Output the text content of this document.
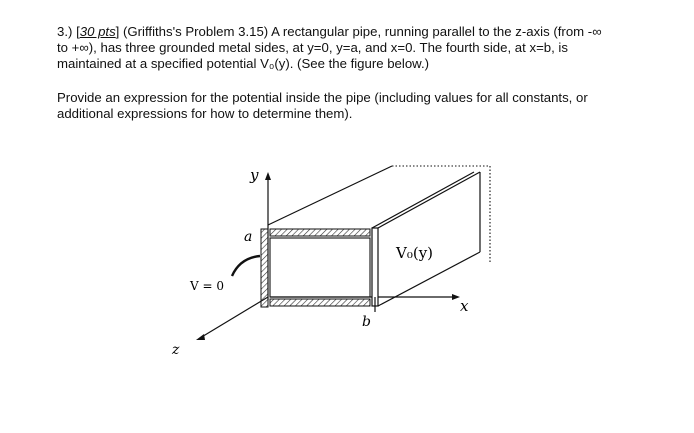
3.) [30 pts] (Griffiths's Problem 3.15) A rectangular pipe, running parallel to the z-axis (from -∞
to +∞), has three grounded metal sides, at y=0, y=a, and x=0. The fourth side, at x=b, is
maintained at a specified potential V₀(y). (See the figure below.)

Provide an expression for the potential inside the pipe (including values for all constants, or
additional expressions for how to determine them).

y
a
V₀(y)
V = 0
x
b
z
